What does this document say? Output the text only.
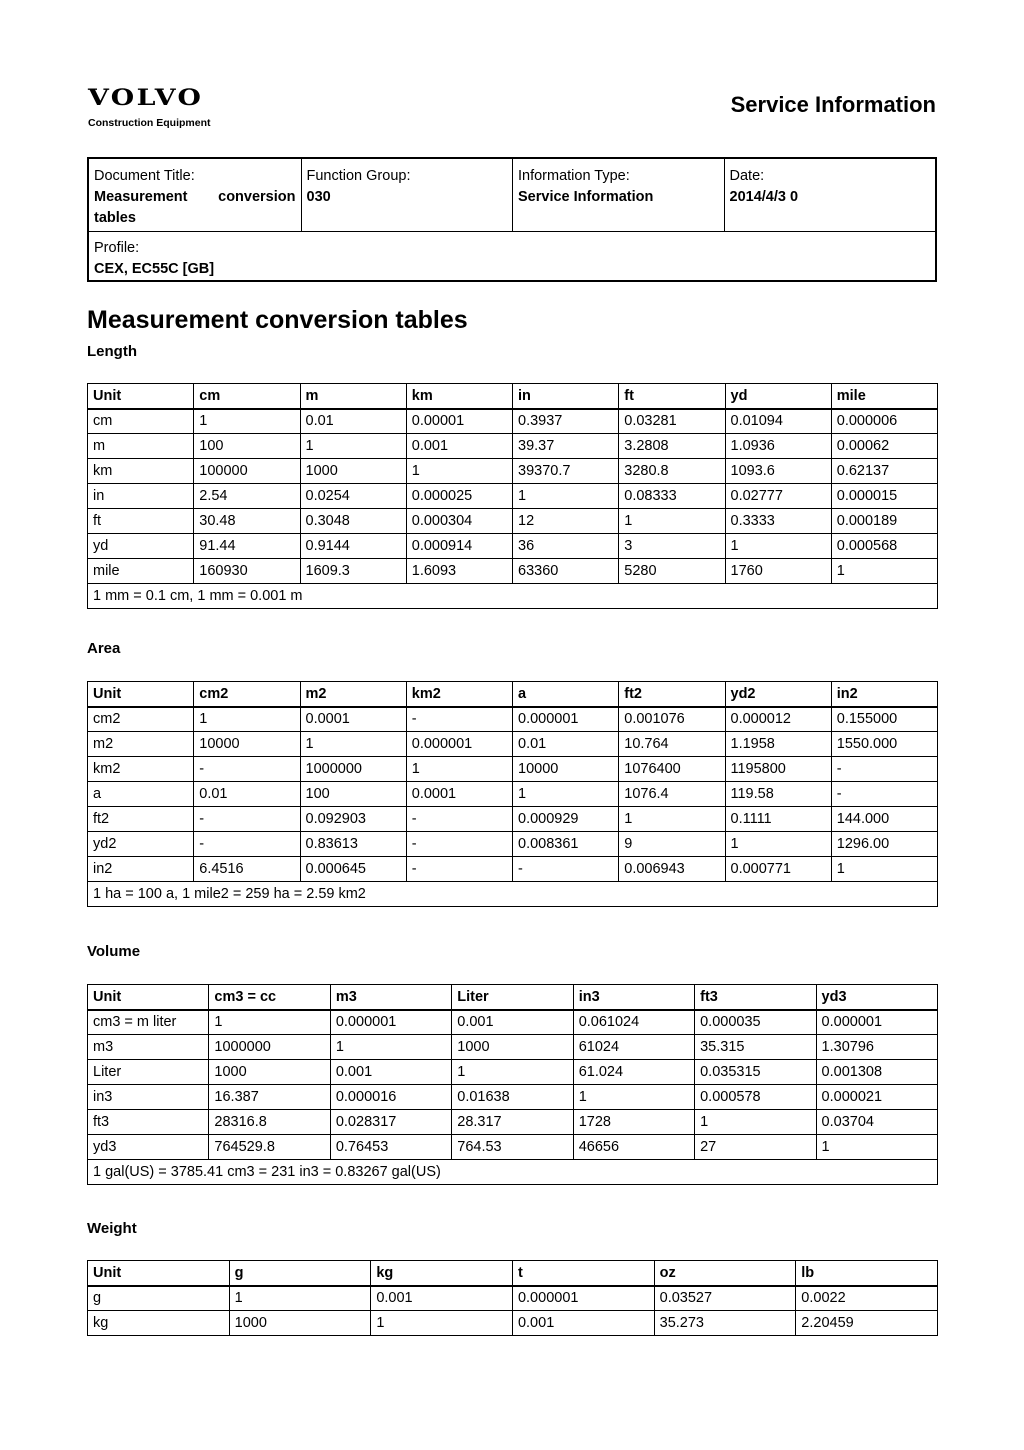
VOLVO
Construction Equipment
Service Information
Document Title:
Measurement conversion tables
Function Group:
030
Information Type:
Service Information
Date:
2014/4/3 0
Profile:
CEX, EC55C [GB]
Measurement conversion tables
Length
Unit	cm	m	km	in	ft	yd	mile
cm	1	0.01	0.00001	0.3937	0.03281	0.01094	0.000006
m	100	1	0.001	39.37	3.2808	1.0936	0.00062
km	100000	1000	1	39370.7	3280.8	1093.6	0.62137
in	2.54	0.0254	0.000025	1	0.08333	0.02777	0.000015
ft	30.48	0.3048	0.000304	12	1	0.3333	0.000189
yd	91.44	0.9144	0.000914	36	3	1	0.000568
mile	160930	1609.3	1.6093	63360	5280	1760	1
1 mm = 0.1 cm, 1 mm = 0.001 m							
Area
Unit	cm2	m2	km2	a	ft2	yd2	in2
cm2	1	0.0001	-	0.000001	0.001076	0.000012	0.155000
m2	10000	1	0.000001	0.01	10.764	1.1958	1550.000
km2	-	1000000	1	10000	1076400	1195800	-
a	0.01	100	0.0001	1	1076.4	119.58	-
ft2	-	0.092903	-	0.000929	1	0.1111	144.000
yd2	-	0.83613	-	0.008361	9	1	1296.00
in2	6.4516	0.000645	-	-	0.006943	0.000771	1
1 ha = 100 a, 1 mile2 = 259 ha = 2.59 km2							
Volume
Unit	cm3 = cc	m3	Liter	in3	ft3	yd3
cm3 = m liter	1	0.000001	0.001	0.061024	0.000035	0.000001
m3	1000000	1	1000	61024	35.315	1.30796
Liter	1000	0.001	1	61.024	0.035315	0.001308
in3	16.387	0.000016	0.01638	1	0.000578	0.000021
ft3	28316.8	0.028317	28.317	1728	1	0.03704
yd3	764529.8	0.76453	764.53	46656	27	1
1 gal(US) = 3785.41 cm3 = 231 in3 = 0.83267 gal(US)						
Weight
Unit	g	kg	t	oz	lb
g	1	0.001	0.000001	0.03527	0.0022
kg	1000	1	0.001	35.273	2.20459
